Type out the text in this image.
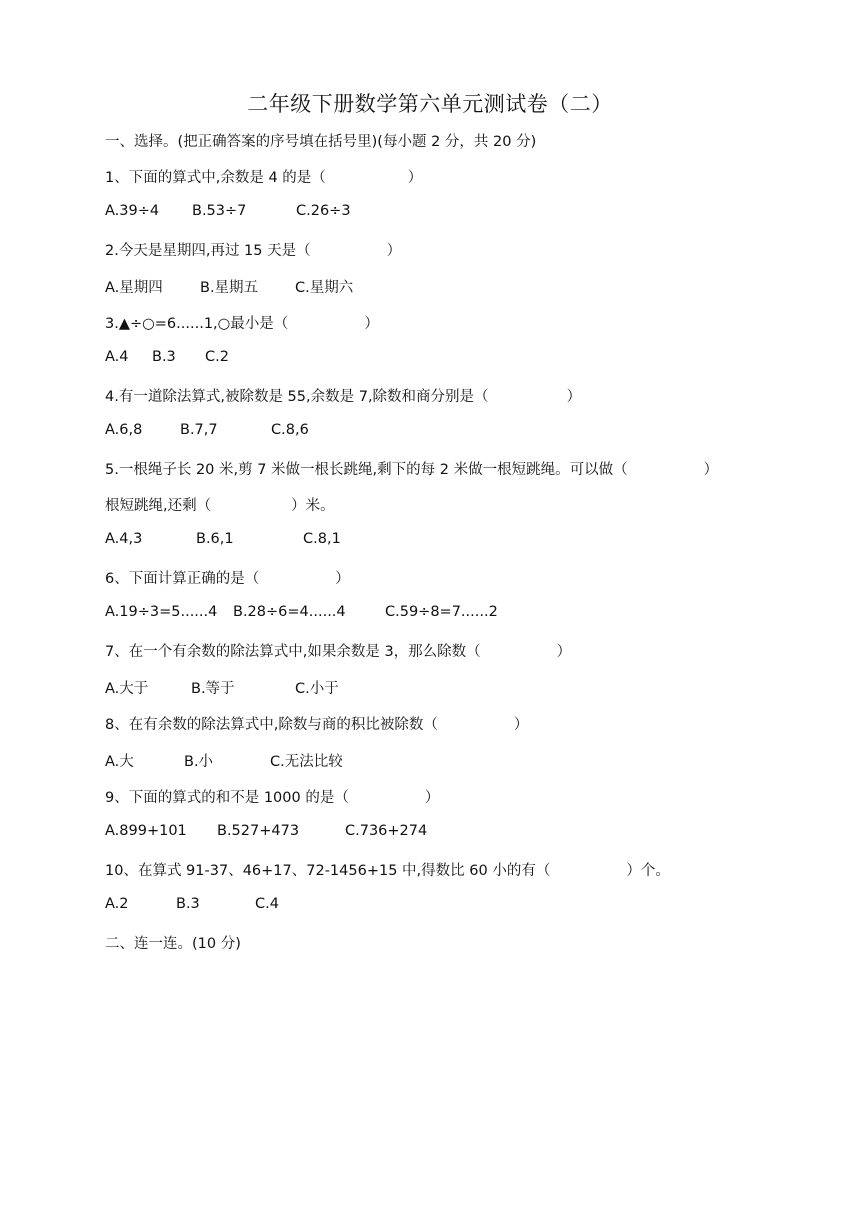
二年级下册数学第六单元测试卷（二）
一、选择。(把正确答案的序号填在括号里)(每小题 2 分，共 20 分)
1、下面的算式中,余数是 4 的是（	）
A.39÷4 B.53÷7	C.26÷3
2.今天是星期四,再过 15 天是（	）
A.星期四	B.星期五	C.星期六
3.▲÷○=6......1,○最小是（	）
A.4 B.3 C.2
4.有一道除法算式,被除数是 55,余数是 7,除数和商分别是（	）
A.6,8	B.7,7	C.8,6
5.一根绳子长 20 米,剪 7 米做一根长跳绳,剩下的每 2 米做一根短跳绳。可以做（	）
根短跳绳,还剩（	）米。
A.4,3	B.6,1	C.8,1
6、下面计算正确的是（	）
A.19÷3=5......4 B.28÷6=4......4	C.59÷8=7......2
7、在一个有余数的除法算式中,如果余数是 3，那么除数（	）
A.大于	B.等于	C.小于
8、在有余数的除法算式中,除数与商的积比被除数（	）
A.大	B.小	C.无法比较
9、下面的算式的和不是 1000 的是（	）
A.899+101 B.527+473	C.736+274
10、在算式 91-37、46+17、72-1456+15 中,得数比 60 小的有（	）个。
A.2	B.3	C.4
二、连一连。(10 分)
